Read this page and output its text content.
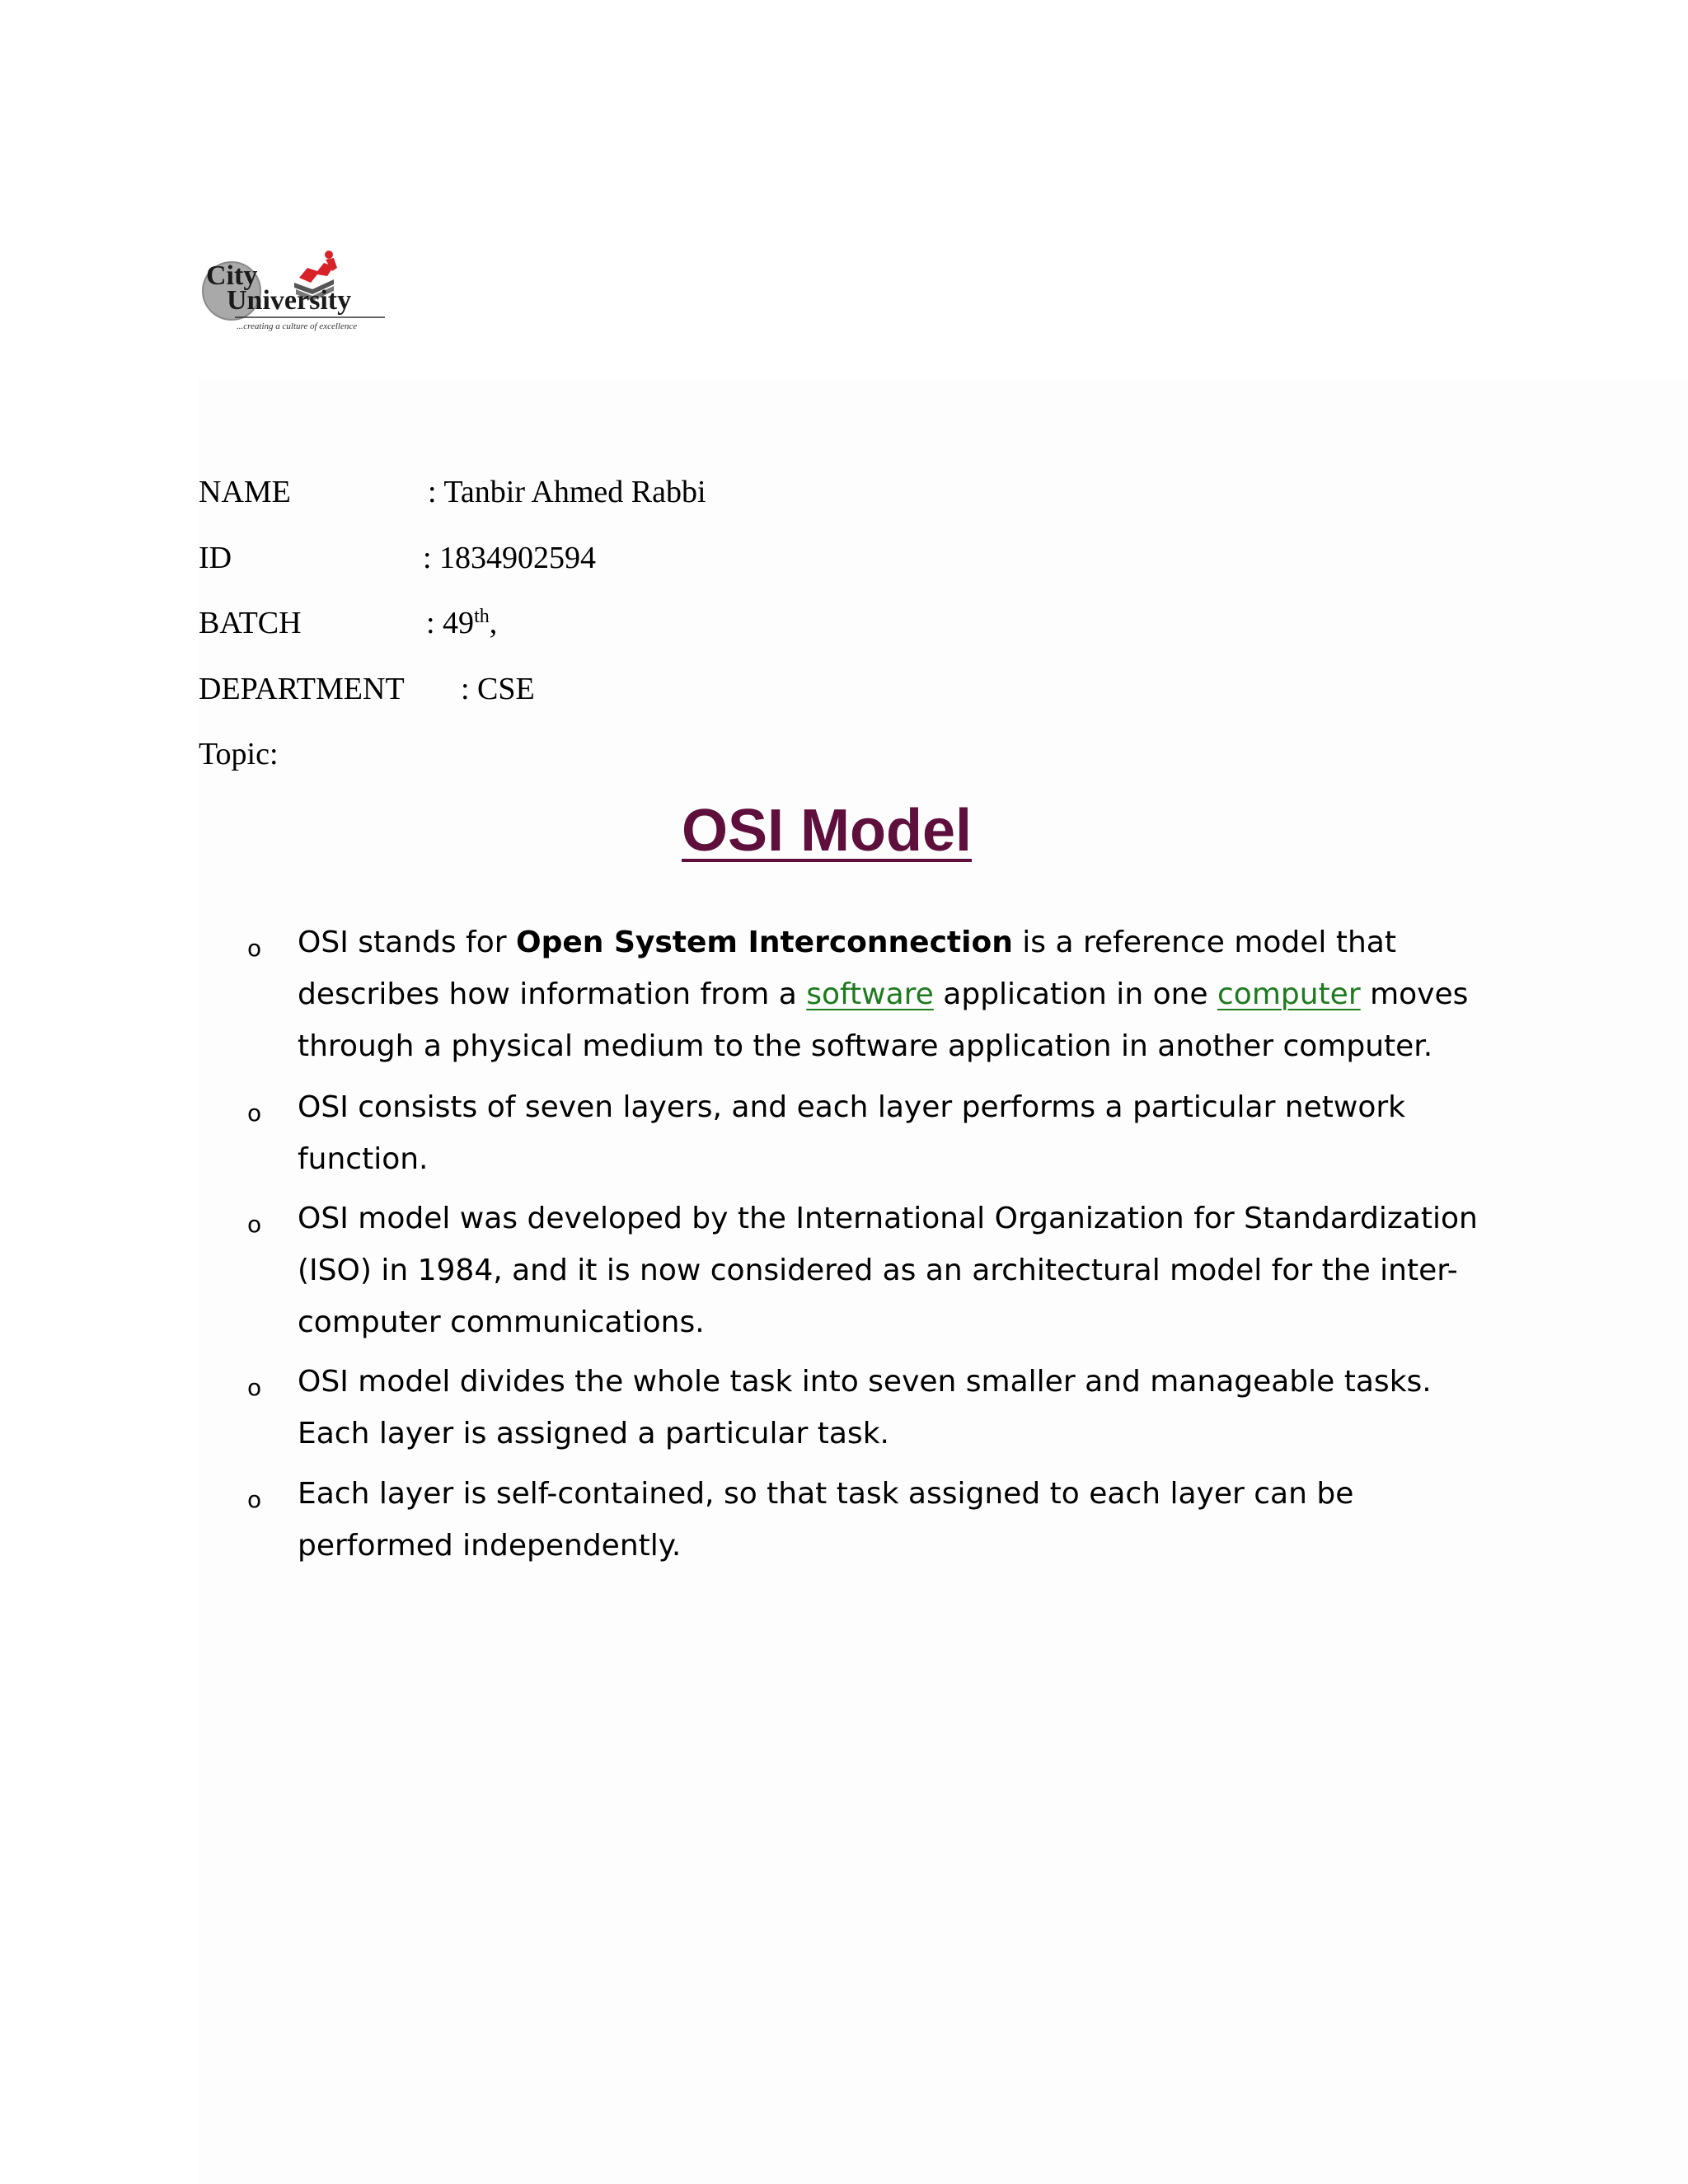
City
University
...creating a culture of excellence
NAME	: Tanbir Ahmed Rabbi
ID	: 1834902594
BATCH	: 49th,
DEPARTMENT : CSE
Topic:
OSI Model
o OSI stands for Open System Interconnection is a reference model that describes how information from a software application in one computer moves through a physical medium to the software application in another computer.
o OSI consists of seven layers, and each layer performs a particular network function.
o OSI model was developed by the International Organization for Standardization (ISO) in 1984, and it is now considered as an architectural model for the inter-computer communications.
o OSI model divides the whole task into seven smaller and manageable tasks. Each layer is assigned a particular task.
o Each layer is self-contained, so that task assigned to each layer can be performed independently.
